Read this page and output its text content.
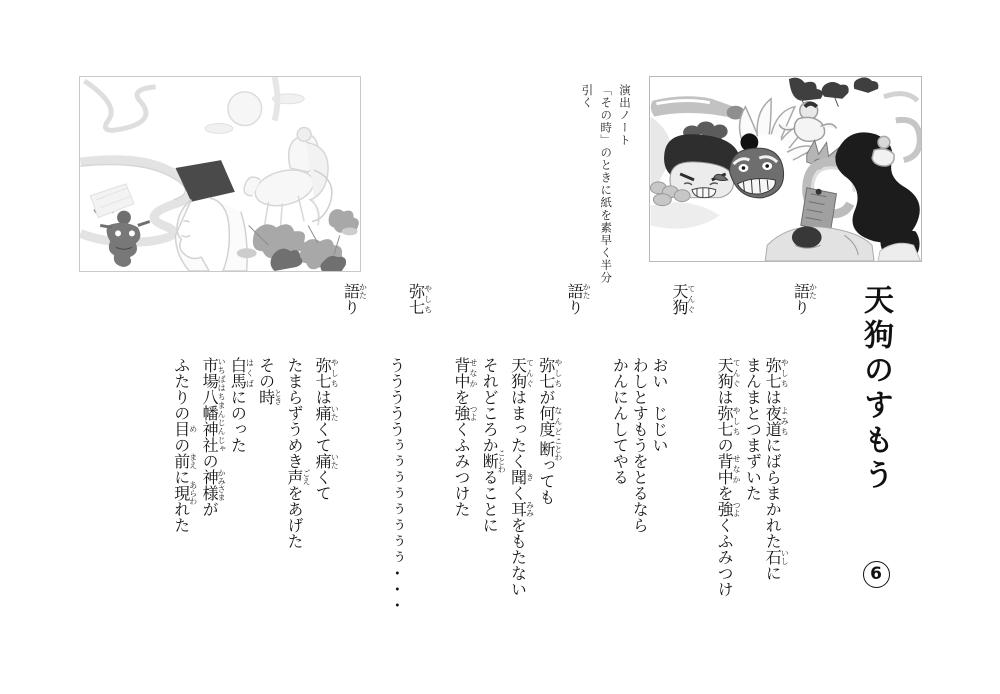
演出ノート
「その時」のときに紙を素早く半分
引く
天狗のすもう 6
語かたり
弥七やしちは夜道よみちにばらまかれた石いしに
まんまとつまずいた
天狗てんぐは弥七やしちの背中せなかを強つよくふみつけ
天狗てんぐ
おい　じじい
わしとすもうをとるなら
かんにんしてやる
語かたり
弥七やしちが何度なんど断ことわっても
天狗てんぐはまったく聞きく耳みみをもたない
それどころか断ことわることに
背中せなかを強つよくふみつけた
弥七やしち
うううううぅぅぅぅぅぅぅぅ・・・
語かたり
弥七やしちは痛いたくて痛いたくて
たまらずうめき声ごえをあげた
その時とき
白馬はくばにのった
市場八幡神社いちばはちまんじんじゃの神様かみさまが
ふたりの目めの前まえに現あらわれた
